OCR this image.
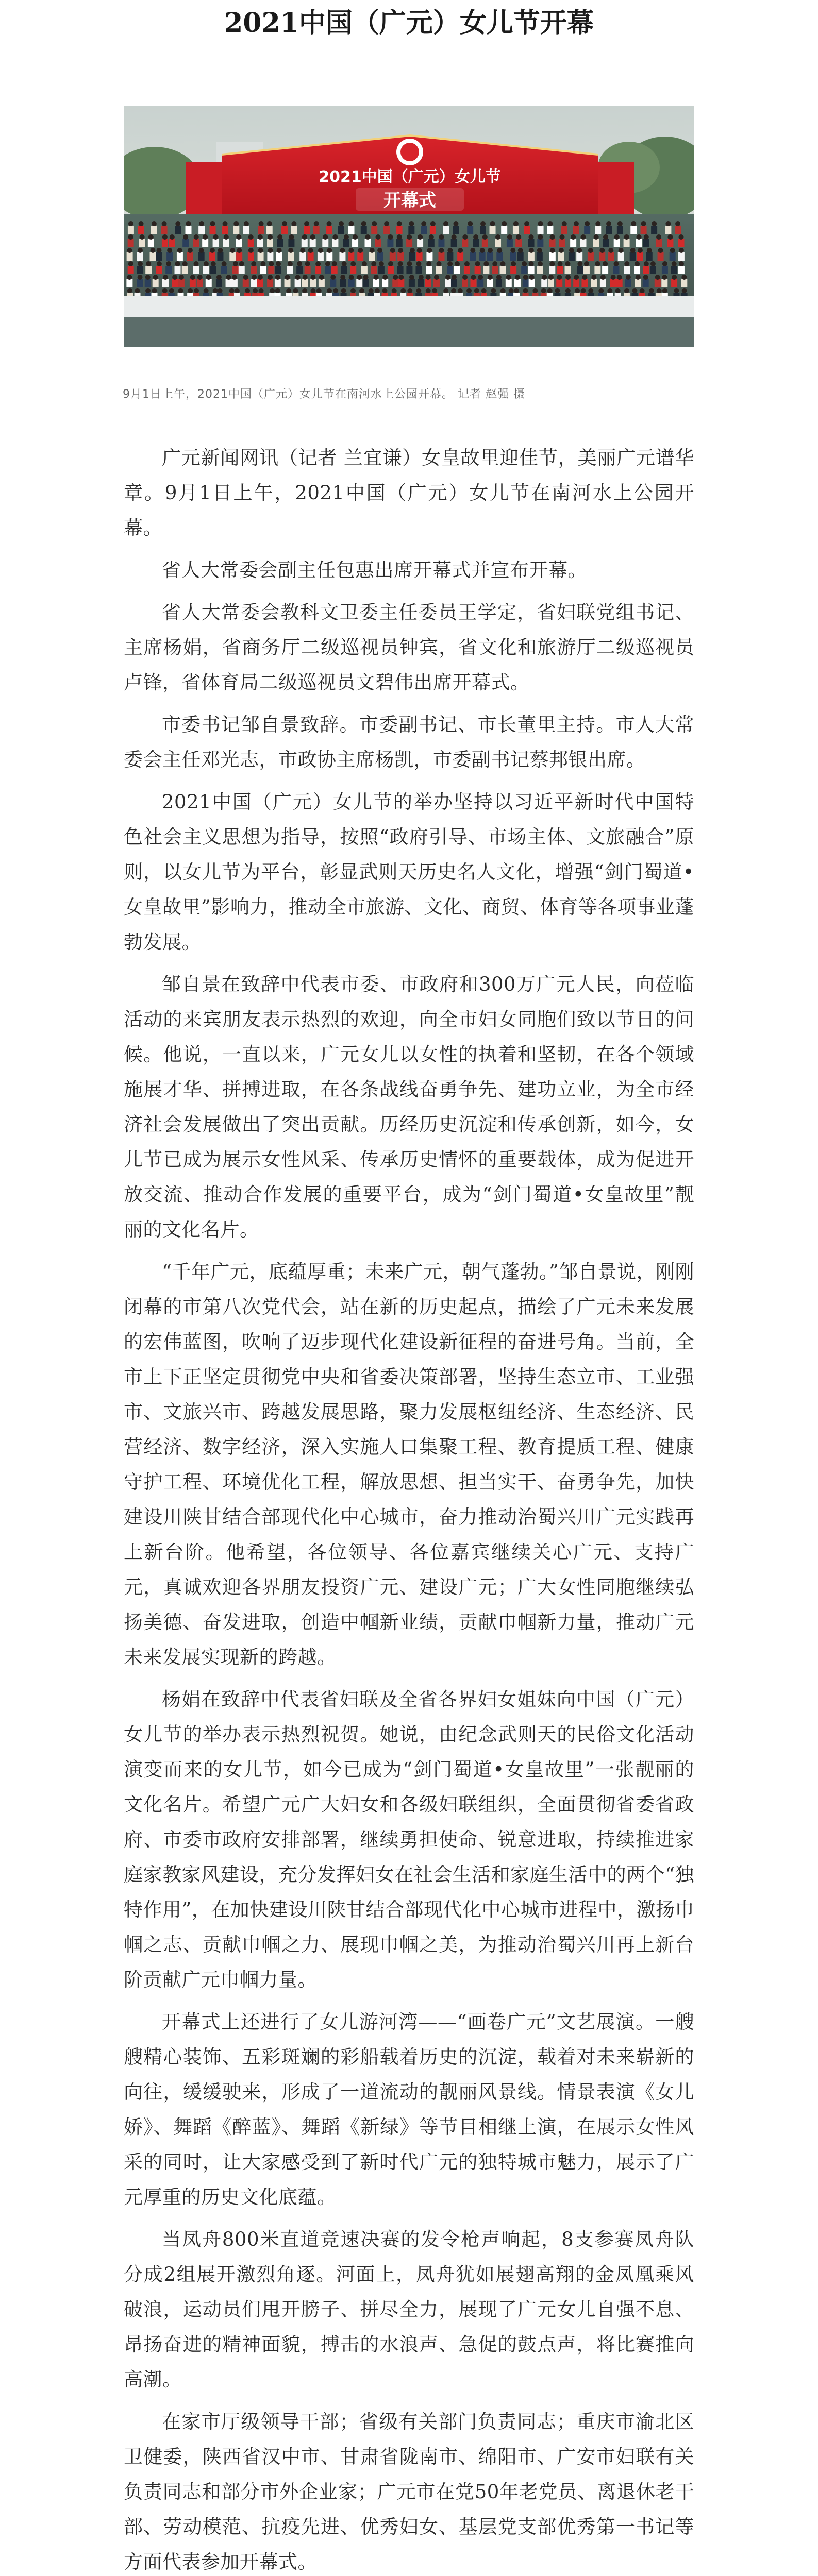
2021中国（广元）女儿节开幕
2021中国（广元）女儿节
开幕式
9月1日上午，2021中国（广元）女儿节在南河水上公园开幕。 记者 赵强 摄

广元新闻网讯（记者 兰宜谦）女皇故里迎佳节，美丽广元谱华章。9月1日上午，2021中国（广元）女儿节在南河水上公园开幕。

省人大常委会副主任包惠出席开幕式并宣布开幕。

省人大常委会教科文卫委主任委员王学定，省妇联党组书记、主席杨娟，省商务厅二级巡视员钟宾，省文化和旅游厅二级巡视员卢锋，省体育局二级巡视员文碧伟出席开幕式。

市委书记邹自景致辞。市委副书记、市长董里主持。市人大常委会主任邓光志，市政协主席杨凯，市委副书记蔡邦银出席。

2021中国（广元）女儿节的举办坚持以习近平新时代中国特色社会主义思想为指导，按照“政府引导、市场主体、文旅融合”原则，以女儿节为平台，彰显武则天历史名人文化，增强“剑门蜀道•女皇故里”影响力，推动全市旅游、文化、商贸、体育等各项事业蓬勃发展。

邹自景在致辞中代表市委、市政府和300万广元人民，向莅临活动的来宾朋友表示热烈的欢迎，向全市妇女同胞们致以节日的问候。他说，一直以来，广元女儿以女性的执着和坚韧，在各个领域施展才华、拼搏进取，在各条战线奋勇争先、建功立业，为全市经济社会发展做出了突出贡献。历经历史沉淀和传承创新，如今，女儿节已成为展示女性风采、传承历史情怀的重要载体，成为促进开放交流、推动合作发展的重要平台，成为“剑门蜀道•女皇故里”靓丽的文化名片。

“千年广元，底蕴厚重；未来广元，朝气蓬勃。”邹自景说，刚刚闭幕的市第八次党代会，站在新的历史起点，描绘了广元未来发展的宏伟蓝图，吹响了迈步现代化建设新征程的奋进号角。当前，全市上下正坚定贯彻党中央和省委决策部署，坚持生态立市、工业强市、文旅兴市、跨越发展思路，聚力发展枢纽经济、生态经济、民营经济、数字经济，深入实施人口集聚工程、教育提质工程、健康守护工程、环境优化工程，解放思想、担当实干、奋勇争先，加快建设川陕甘结合部现代化中心城市，奋力推动治蜀兴川广元实践再上新台阶。他希望，各位领导、各位嘉宾继续关心广元、支持广元，真诚欢迎各界朋友投资广元、建设广元；广大女性同胞继续弘扬美德、奋发进取，创造中帼新业绩，贡献巾帼新力量，推动广元未来发展实现新的跨越。

杨娟在致辞中代表省妇联及全省各界妇女姐妹向中国（广元）女儿节的举办表示热烈祝贺。她说，由纪念武则天的民俗文化活动演变而来的女儿节，如今已成为“剑门蜀道•女皇故里”一张靓丽的文化名片。希望广元广大妇女和各级妇联组织，全面贯彻省委省政府、市委市政府安排部署，继续勇担使命、锐意进取，持续推进家庭家教家风建设，充分发挥妇女在社会生活和家庭生活中的两个“独特作用”，在加快建设川陕甘结合部现代化中心城市进程中，激扬巾帼之志、贡献巾帼之力、展现巾帼之美，为推动治蜀兴川再上新台阶贡献广元巾帼力量。

开幕式上还进行了女儿游河湾——“画卷广元”文艺展演。一艘艘精心装饰、五彩斑斓的彩船载着历史的沉淀，载着对未来崭新的向往，缓缓驶来，形成了一道流动的靓丽风景线。情景表演《女儿娇》、舞蹈《醉蓝》、舞蹈《新绿》等节目相继上演，在展示女性风采的同时，让大家感受到了新时代广元的独特城市魅力，展示了广元厚重的历史文化底蕴。

当凤舟800米直道竞速决赛的发令枪声响起，8支参赛凤舟队分成2组展开激烈角逐。河面上，凤舟犹如展翅高翔的金凤凰乘风破浪，运动员们甩开膀子、拼尽全力，展现了广元女儿自强不息、昂扬奋进的精神面貌，搏击的水浪声、急促的鼓点声，将比赛推向高潮。

在家市厅级领导干部；省级有关部门负责同志；重庆市渝北区卫健委，陕西省汉中市、甘肃省陇南市、绵阳市、广安市妇联有关负责同志和部分市外企业家；广元市在党50年老党员、离退休老干部、劳动模范、抗疫先进、优秀妇女、基层党支部优秀第一书记等方面代表参加开幕式。
